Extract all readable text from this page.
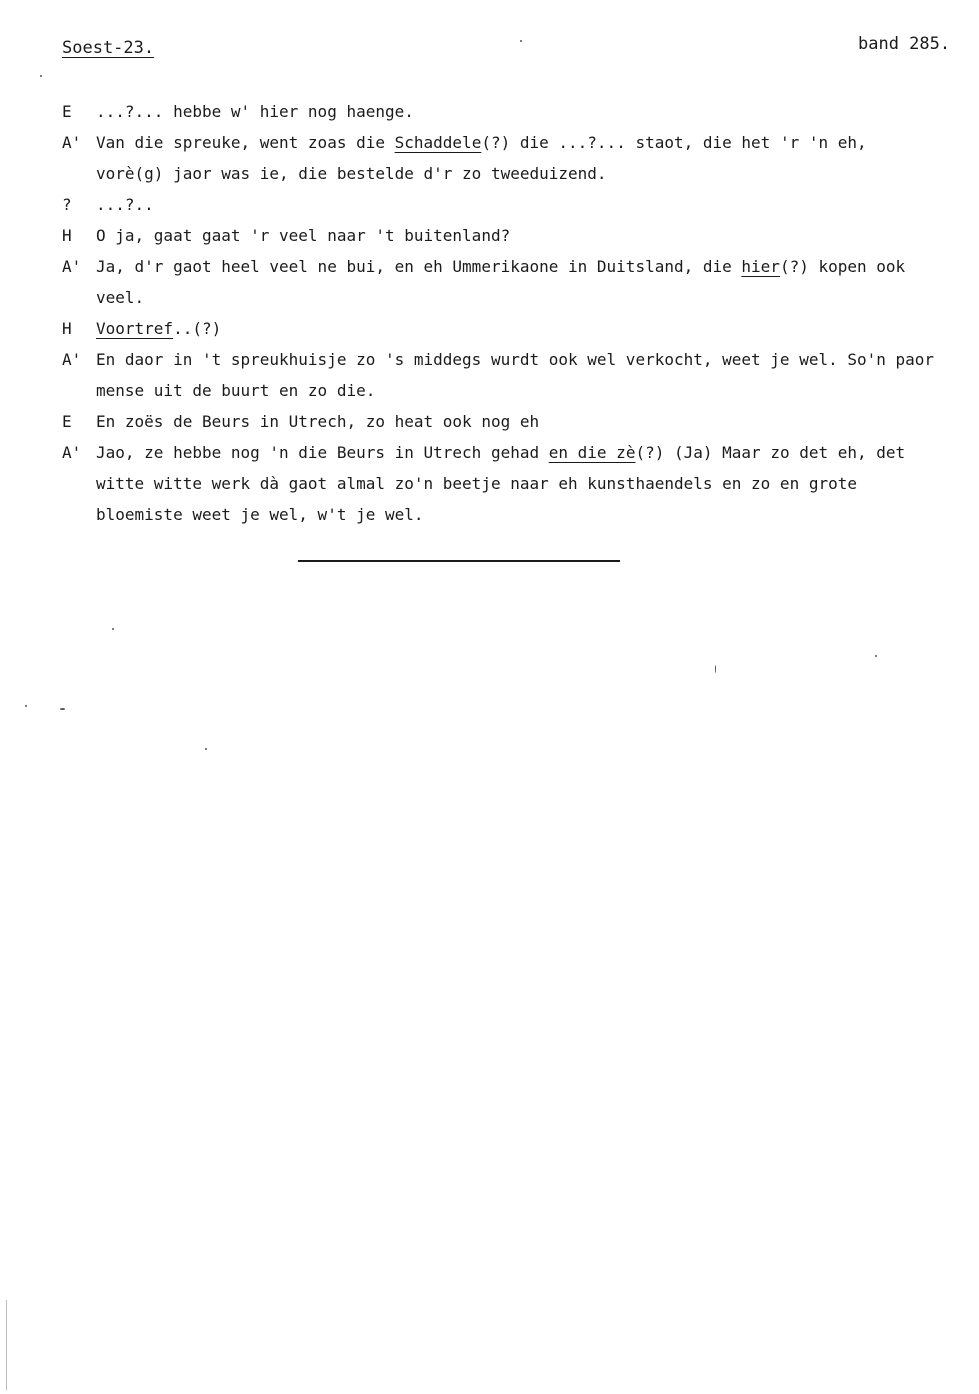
Soest-23.	band 285.
E	...?... hebbe w' hier nog haenge.
A' Van die spreuke, went zoas die Schaddele(?) die ...?... staot, die het 'r 'n eh, vorè(g) jaor was ie, die bestelde d'r zo tweeduizend.
?	...?..
H	O ja, gaat gaat 'r veel naar 't buitenland?
A' Ja, d'r gaot heel veel ne bui, en eh Ummerikaone in Duitsland, die hier(?) kopen ook veel.
H	Voortref..(?)
A' En daor in 't spreukhuisje zo 's middegs wurdt ook wel verkocht, weet je wel. So'n paor mense uit de buurt en zo die.
E	En zoës de Beurs in Utrech, zo heat ook nog eh
A' Jao, ze hebbe nog 'n die Beurs in Utrech gehad en die zè(?) (Ja) Maar zo det eh, det witte witte werk dà gaot almal zo'n beetje naar eh kunsthaendels en zo en grote bloemiste weet je wel, w't je wel.
